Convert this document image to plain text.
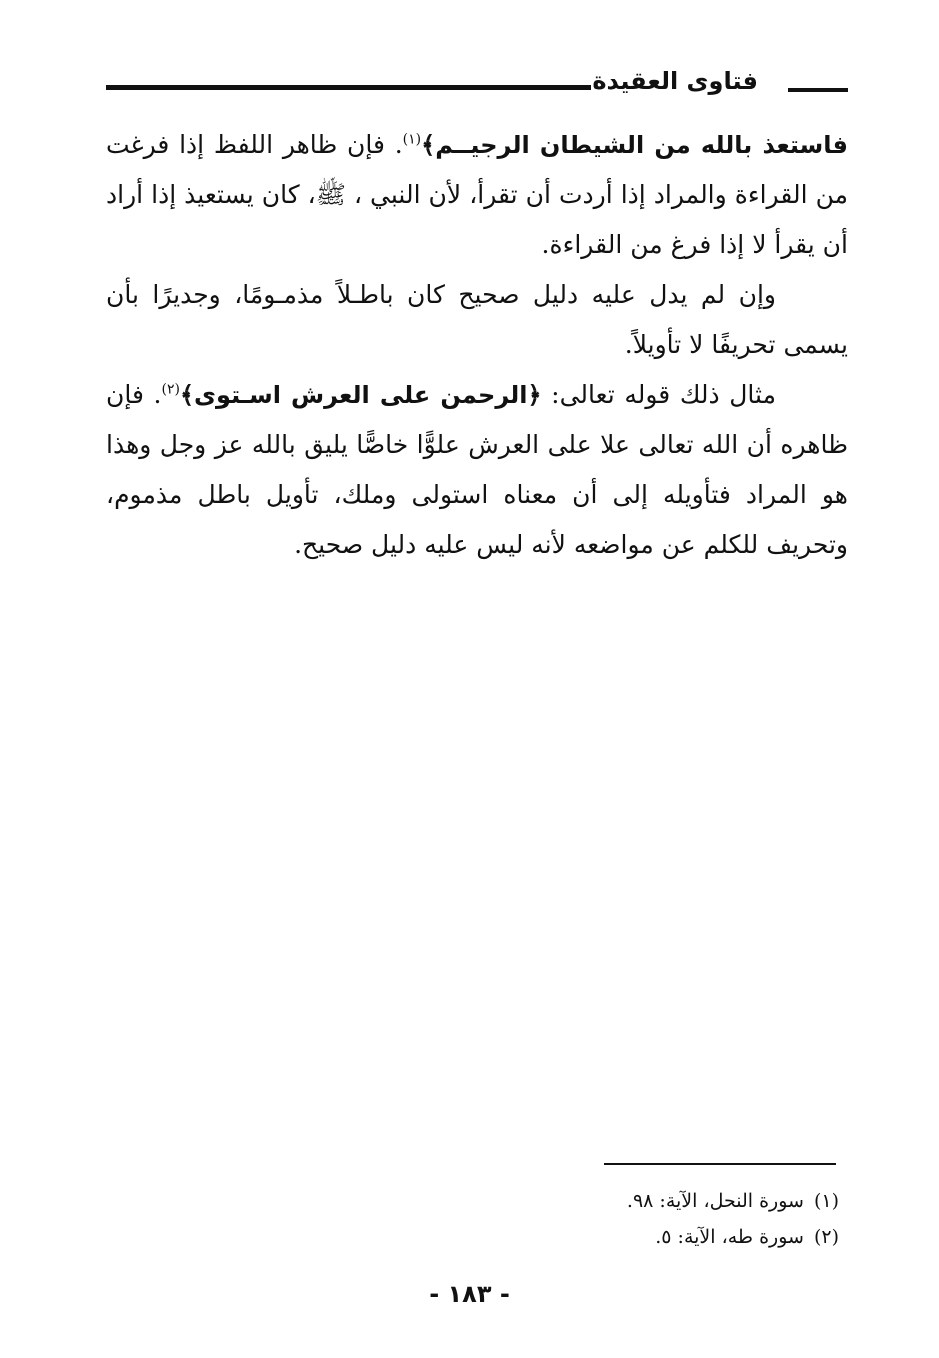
فتاوى العقيدة

فاستعذ بالله من الشيطان الرجيــم﴾$^{(١)}$. فإن ظاهر اللفظ إذا فرغت من القراءة والمراد إذا أردت أن تقرأ، لأن النبي ، ﷺ، كان يستعيذ إذا أراد أن يقرأ لا إذا فرغ من القراءة.

وإن لم يدل عليه دليل صحيح كان باطـلاً مذمـومًا، وجديرًا بأن يسمى تحريفًا لا تأويلاً.

مثال ذلك قوله تعالى: ﴿الرحمن على العرش اسـتوى﴾$^{(٢)}$. فإن ظاهره أن الله تعالى علا على العرش علوًّا خاصًّا يليق بالله عز وجل وهذا هو المراد فتأويله إلى أن معناه استولى وملك، تأويل باطل مذموم، وتحريف للكلم عن مواضعه لأنه ليس عليه دليل صحيح.

(١)سورة النحل، الآية: ٩٨.
(٢)سورة طه، الآية: ٥.
- ١٨٣ -
